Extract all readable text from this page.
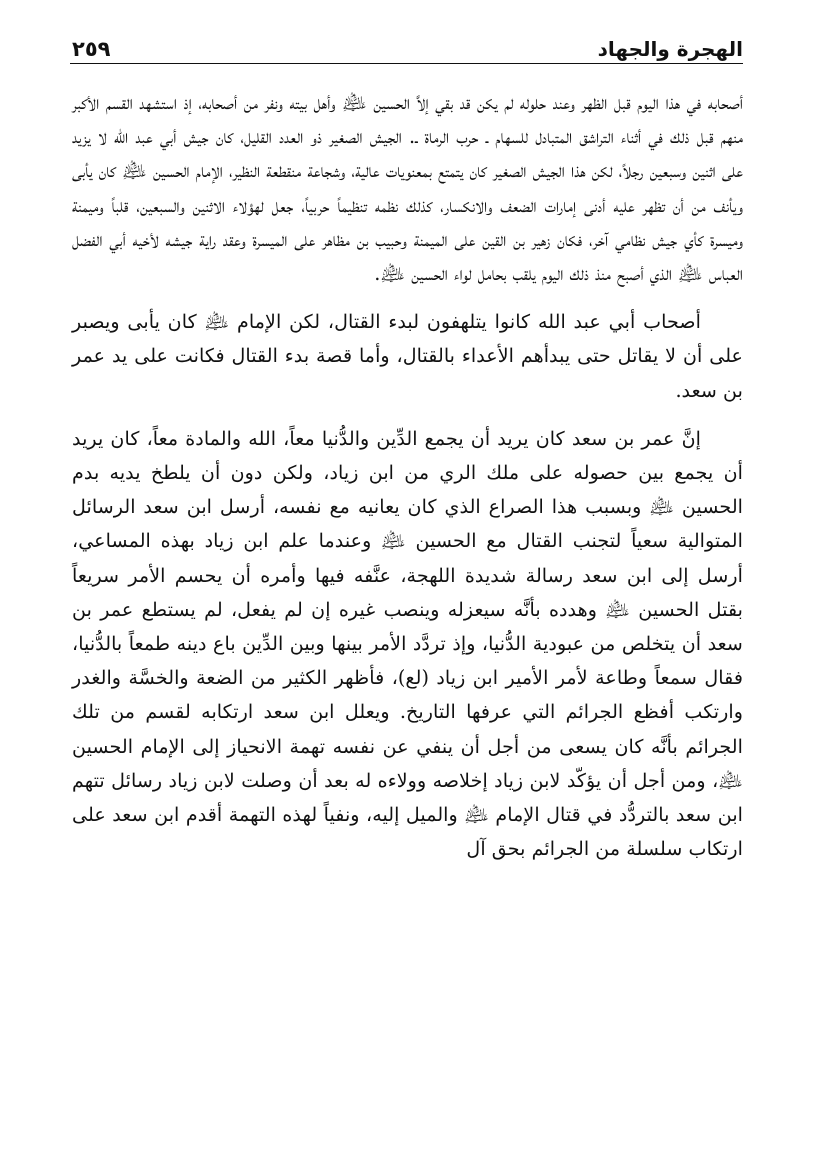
الهجرة والجهاد
٢٥٩

أصحابه في هذا اليوم قبل الظهر وعند حلوله لم يكن قد بقي إلاَّ الحسين ﵇ وأهل بيته ونفر من أصحابه، إذ استشهد القسم الأكبر منهم قبل ذلك في أثناء التراشق المتبادل للسهام ـ حرب الرماة ـ. الجيش الصغير ذو العدد القليل، كان جيش أبي عبد الله لا يزيد على اثنين وسبعين رجلاً، لكن هذا الجيش الصغير كان يتمتع بمعنويات عالية، وشجاعة منقطعة النظير، الإمام الحسين ﵇ كان يأبى ويأنف من أن تظهر عليه أدنى إمارات الضعف والانكسار، كذلك نظمه تنظيماً حربياً، جعل لهؤلاء الاثنين والسبعين، قلباً وميمنة وميسرة كأي جيش نظامي آخر، فكان زهير بن القين على الميمنة وحبيب بن مظاهر على الميسرة وعقد راية جيشه لأخيه أبي الفضل العباس ﵇ الذي أصبح منذ ذلك اليوم يلقب بحامل لواء الحسين ﵇.

أصحاب أبي عبد الله كانوا يتلهفون لبدء القتال، لكن الإمام ﵇ كان يأبى ويصبر على أن لا يقاتل حتى يبدأهم الأعداء بالقتال، وأما قصة بدء القتال فكانت على يد عمر بن سعد.

إنَّ عمر بن سعد كان يريد أن يجمع الدِّين والدُّنيا معاً، الله والمادة معاً، كان يريد أن يجمع بين حصوله على ملك الري من ابن زياد، ولكن دون أن يلطخ يديه بدم الحسين ﵇ وبسبب هذا الصراع الذي كان يعانيه مع نفسه، أرسل ابن سعد الرسائل المتوالية سعياً لتجنب القتال مع الحسين ﵇ وعندما علم ابن زياد بهذه المساعي، أرسل إلى ابن سعد رسالة شديدة اللهجة، عنَّفه فيها وأمره أن يحسم الأمر سريعاً بقتل الحسين ﵇ وهدده بأنَّه سيعزله وينصب غيره إن لم يفعل، لم يستطع عمر بن سعد أن يتخلص من عبودية الدُّنيا، وإذ تردَّد الأمر بينها وبين الدِّين باع دينه طمعاً بالدُّنيا، فقال سمعاً وطاعة لأمر الأمير ابن زياد (لع)، فأظهر الكثير من الضعة والخسَّة والغدر وارتكب أفظع الجرائم التي عرفها التاريخ. ويعلل ابن سعد ارتكابه لقسم من تلك الجرائم بأنَّه كان يسعى من أجل أن ينفي عن نفسه تهمة الانحياز إلى الإمام الحسين ﵇، ومن أجل أن يؤكّد لابن زياد إخلاصه وولاءه له بعد أن وصلت لابن زياد رسائل تتهم ابن سعد بالتردُّد في قتال الإمام ﵇ والميل إليه، ونفياً لهذه التهمة أقدم ابن سعد على ارتكاب سلسلة من الجرائم بحق آل
